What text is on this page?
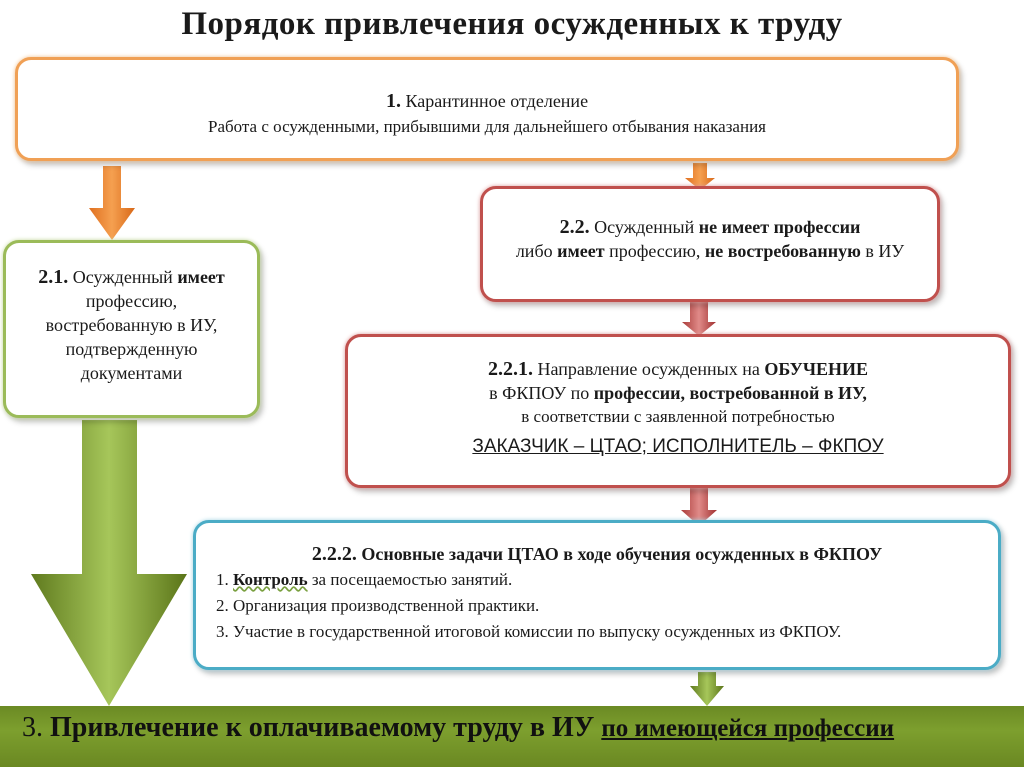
Порядок привлечения осужденных к труду
1. Карантинное отделение
Работа с осужденными, прибывшими для дальнейшего отбывания наказания
2.1. Осужденный имеет
профессию,
востребованную в ИУ,
подтвержденную
документами
2.2. Осужденный не имеет профессии
либо имеет профессию, не востребованную в ИУ
2.2.1. Направление осужденных на ОБУЧЕНИЕ
в ФКПОУ по профессии, востребованной в ИУ,
в соответствии с заявленной потребностью
ЗАКАЗЧИК – ЦТАО; ИСПОЛНИТЕЛЬ – ФКПОУ
2.2.2. Основные задачи ЦТАО в ходе обучения осужденных в ФКПОУ
1. Контроль за посещаемостью занятий.
2. Организация производственной практики.
3. Участие в государственной итоговой комиссии по выпуску осужденных из ФКПОУ.
3. Привлечение к оплачиваемому труду в ИУ по имеющейся профессии
